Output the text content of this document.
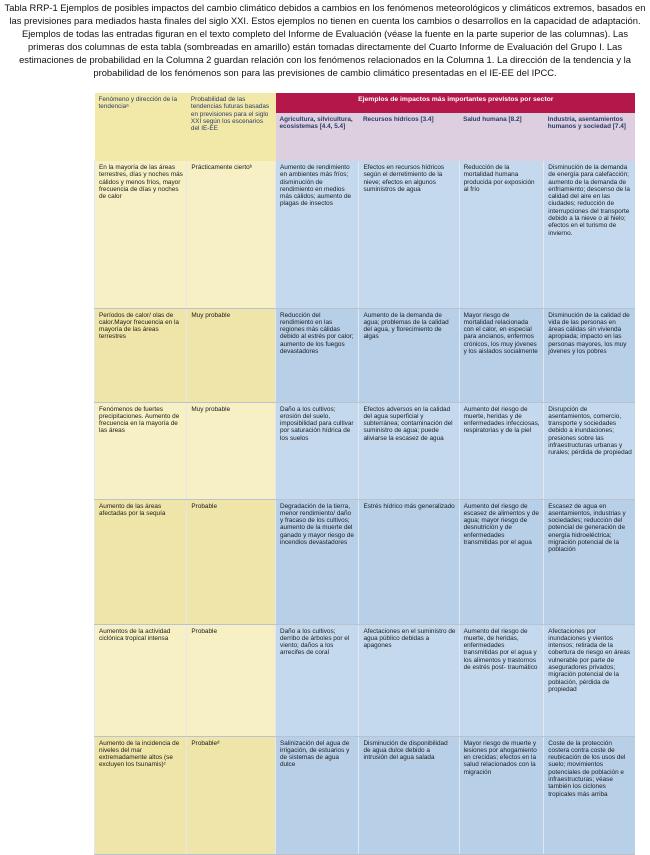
Tabla RRP-1 Ejemplos de posibles impactos del cambio climático debidos a cambios en los fenómenos meteorológicos y climáticos extremos, basados en las previsiones para mediados hasta finales del siglo XXI. Estos ejemplos no tienen en cuenta los cambios o desarrollos en la capacidad de adaptación. Ejemplos de todas las entradas figuran en el texto completo del Informe de Evaluación (véase la fuente en la parte superior de las columnas). Las primeras dos columnas de esta tabla (sombreadas en amarillo) están tomadas directamente del Cuarto Informe de Evaluación del Grupo I. Las estimaciones de probabilidad en la Columna 2 guardan relación con los fenómenos relacionados en la Columna 1. La dirección de la tendencia y la probabilidad de los fenómenos son para las previsiones de cambio climático presentadas en el IE-EE del IPCC.
Fenómeno y dirección de la tendenciaᵃ	Probabilidad de las tendencias futuras basadas en previsiones para el siglo XXI según los escenarios del IE-EE	Ejemplos de impactos más importantes previstos por sector			
		Agricultura, silvicultura, ecosistemas [4.4, 5.4]	Recursos hídricos [3.4]	Salud humana [8.2]	Industria, asentamientos humanos y sociedad [7.4]
En la mayoría de las áreas terrestres, días y noches más cálidos y menos fríos, mayor frecuencia de días y noches de calor	Prácticamente ciertoᵇ	Aumento de rendimiento en ambientes más fríos; disminución de rendimiento en medios más cálidos; aumento de plagas de insectos	Efectos en recursos hídricos según el derretimiento de la nieve; efectos en algunos suministros de agua	Reducción de la mortalidad humana producida por exposición al frío	Disminución de la demanda de energía para calefacción; aumento de la demanda de enfriamiento; descenso de la calidad del aire en las ciudades; reducción de interrupciones del transporte debido a la nieve o al hielo; efectos en el turismo de invierno.
Períodos de calor/ olas de calor.Mayor frecuencia en la mayoría de las áreas terrestres	Muy probable	Reducción del rendimiento en las regiones más cálidas debido al estrés por calor; aumento de los fuegos devastadores	Aumento de la demanda de agua; problemas de la calidad del agua, y florecimiento de algas	Mayor riesgo de mortalidad relacionada con el calor, en especial para ancianos, enfermos crónicos, los muy jóvenes y los aislados socialmente	Disminución de la calidad de vida de las personas en áreas cálidas sin vivienda apropiada; impacto en las personas mayores, los muy jóvenes y los pobres
Fenómenos de fuertes precipitaciones. Aumento de frecuencia en la mayoría de las áreas	Muy probable	Daño a los cultivos; erosión del suelo, imposibilidad para cultivar por saturación hídrica de los suelos	Efectos adversos en la calidad del agua superficial y subterránea; contaminación del suministro de agua; puede aliviarse la escasez de agua	Aumento del riesgo de muerte, heridas y de enfermedades infecciosas, respiratorias y de la piel	Disrupción de asentamientos, comercio, transporte y sociedades debido a inundaciones; presiones sobre las infraestructuras urbanas y rurales; pérdida de propiedad
Aumento de las áreas afectadas por la sequía	Probable	Degradación de la tierra, menor rendimiento/ daño y fracaso de los cultivos; aumento de la muerte del ganado y mayor riesgo de incendios devastadores	Estrés hídrico más generalizado	Aumento del riesgo de escasez de alimentos y de agua; mayor riesgo de desnutrición y de enfermedades transmitidas por el agua	Escasez de agua en asentamientos, industrias y sociedades; reducción del potencial de generación de energía hidroeléctrica; migración potencial de la población
Aumentos de la actividad ciclónica tropical intensa	Probable	Daño a los cultivos; derribo de árboles por el viento; daños a los arrecifes de coral	Afectaciones en el suministro de agua público debidas a apagones	Aumento del riesgo de muerte, de heridas, enfermedades transmitidas por el agua y los alimentos y trastornos de estrés post- traumático	Afectaciones por inundaciones y vientos intensos; retirada de la cobertura de riesgo en áreas vulnerable por parte de aseguradores privados; migración potencial de la población, pérdida de propiedad
Aumento de la incidencia de niveles del mar extremadamente altos (se excluyen los tsunamis)ᶜ	Probableᵈ	Salinización del agua de irrigación, de estuarios y de sistemas de agua dulce	Disminución de disponibilidad de agua dulce debido a intrusión del agua salada	Mayor riesgo de muerte y lesiones por ahogamiento en crecidas; efectos en la salud relacionados con la migración	Coste de la protección costera contra coste de reubicación de los usos del suelo; movimientos potenciales de población e infraestructuras; véase también los ciclones tropicales más arriba
